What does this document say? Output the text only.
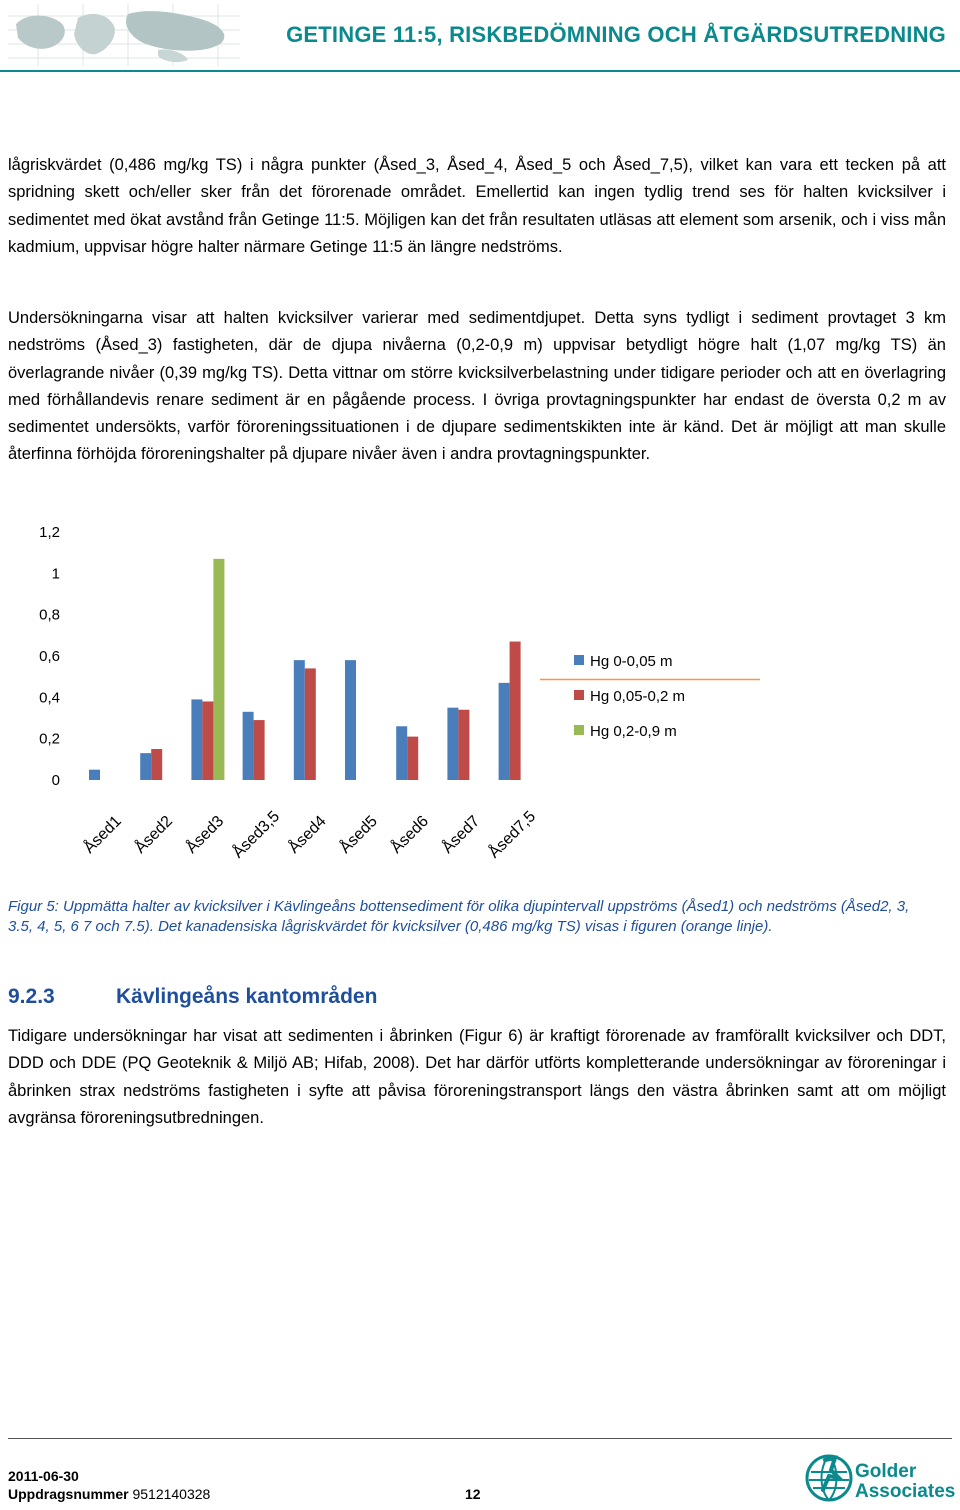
GETINGE 11:5, RISKBEDÖMNING OCH ÅTGÄRDSUTREDNING
lågriskvärdet (0,486 mg/kg TS) i några punkter (Åsed_3, Åsed_4, Åsed_5 och Åsed_7,5), vilket kan vara ett tecken på att spridning skett och/eller sker från det förorenade området. Emellertid kan ingen tydlig trend ses för halten kvicksilver i sedimentet med ökat avstånd från Getinge 11:5. Möjligen kan det från resultaten utläsas att element som arsenik, och i viss mån kadmium, uppvisar högre halter närmare Getinge 11:5 än längre nedströms.
Undersökningarna visar att halten kvicksilver varierar med sedimentdjupet. Detta syns tydligt i sediment provtaget 3 km nedströms (Åsed_3) fastigheten, där de djupa nivåerna (0,2-0,9 m) uppvisar betydligt högre halt (1,07 mg/kg TS) än överlagrande nivåer (0,39 mg/kg TS). Detta vittnar om större kvicksilverbelastning under tidigare perioder och att en överlagring med förhållandevis renare sediment är en pågående process. I övriga provtagningspunkter har endast de översta 0,2 m av sedimentet undersökts, varför föroreningssituationen i de djupare sedimentskikten inte är känd. Det är möjligt att man skulle återfinna förhöjda föroreningshalter på djupare nivåer även i andra provtagningspunkter.
0
0,2
0,4
0,6
0,8
1
1,2
Åsed1 Åsed2 Åsed3 Åsed3,5 Åsed4 Åsed5 Åsed6 Åsed7 Åsed7,5
Hg 0-0,05 m
Hg 0,05-0,2 m
Hg 0,2-0,9 m
Figur 5: Uppmätta halter av kvicksilver i Kävlingeåns bottensediment för olika djupintervall uppströms (Åsed1) och nedströms (Åsed2, 3, 3.5, 4, 5, 6 7 och 7.5). Det kanadensiska lågriskvärdet för kvicksilver (0,486 mg/kg TS) visas i figuren (orange linje).
9.2.3	Kävlingeåns kantområden
Tidigare undersökningar har visat att sedimenten i åbrinken (Figur 6) är kraftigt förorenade av framförallt kvicksilver och DDT, DDD och DDE (PQ Geoteknik & Miljö AB; Hifab, 2008). Det har därför utförts kompletterande undersökningar av föroreningar i åbrinken strax nedströms fastigheten i syfte att påvisa föroreningstransport längs den västra åbrinken samt att om möjligt avgränsa föroreningsutbredningen.
2011-06-30
Uppdragsnummer 9512140328	12
Golder
Associates
